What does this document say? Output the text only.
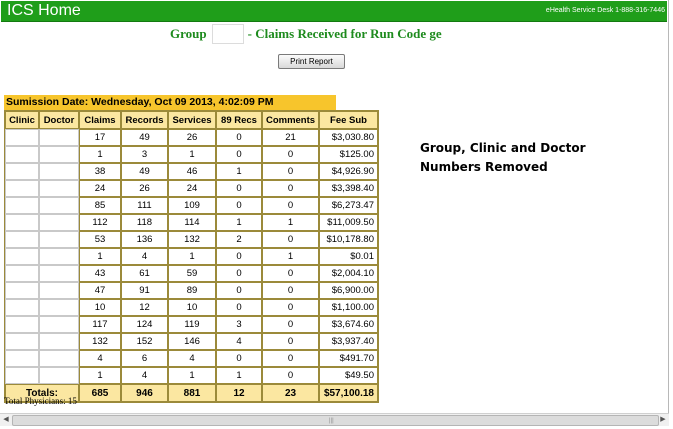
ICS Home	eHealth Service Desk 1-888-316-7446
Group	- Claims Received for Run Code ge
Print Report
Sumission Date: Wednesday, Oct 09 2013, 4:02:09 PM
Clinic	Doctor	Claims	Records	Services	89 Recs	Comments	Fee Sub
		17	49	26	0	21	$3,030.80
		1	3	1	0	0	$125.00
		38	49	46	1	0	$4,926.90
		24	26	24	0	0	$3,398.40
		85	111	109	0	0	$6,273.47
		112	118	114	1	1	$11,009.50
		53	136	132	2	0	$10,178.80
		1	4	1	0	1	$0.01
		43	61	59	0	0	$2,004.10
		47	91	89	0	0	$6,900.00
		10	12	10	0	0	$1,100.00
		117	124	119	3	0	$3,674.60
		132	152	146	4	0	$3,937.40
		4	6	4	0	0	$491.70
		1	4	1	1	0	$49.50
Totals:		685	946	881	12	23	$57,100.18
Total Physicians: 15
Group, Clinic and Doctor Numbers Removed
◀	|||	▶
